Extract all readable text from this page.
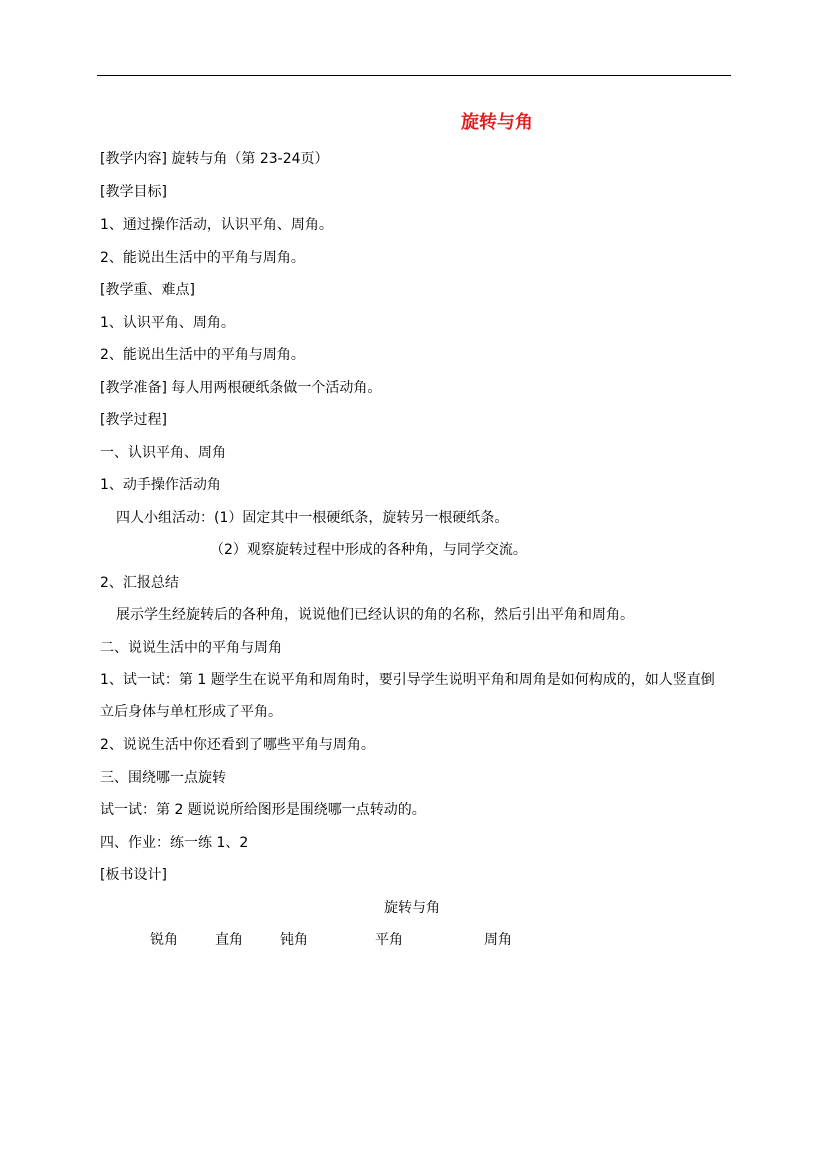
旋转与角
[教学内容] 旋转与角（第 23-24页）
[教学目标]
1、通过操作活动，认识平角、周角。
2、能说出生活中的平角与周角。
[教学重、难点]
1、认识平角、周角。
2、能说出生活中的平角与周角。
[教学准备] 每人用两根硬纸条做一个活动角。
[教学过程]
一、认识平角、周角
1、动手操作活动角
四人小组活动：(1）固定其中一根硬纸条，旋转另一根硬纸条。
（2）观察旋转过程中形成的各种角，与同学交流。
2、汇报总结
展示学生经旋转后的各种角，说说他们已经认识的角的名称，然后引出平角和周角。
二、说说生活中的平角与周角
1、试一试：第 1 题学生在说平角和周角时，要引导学生说明平角和周角是如何构成的，如人竖直倒
立后身体与单杠形成了平角。
2、说说生活中你还看到了哪些平角与周角。
三、围绕哪一点旋转
试一试：第 2 题说说所给图形是围绕哪一点转动的。
四、作业：练一练 1、2
[板书设计]
旋转与角
锐角	直角	钝角	平角	周角
